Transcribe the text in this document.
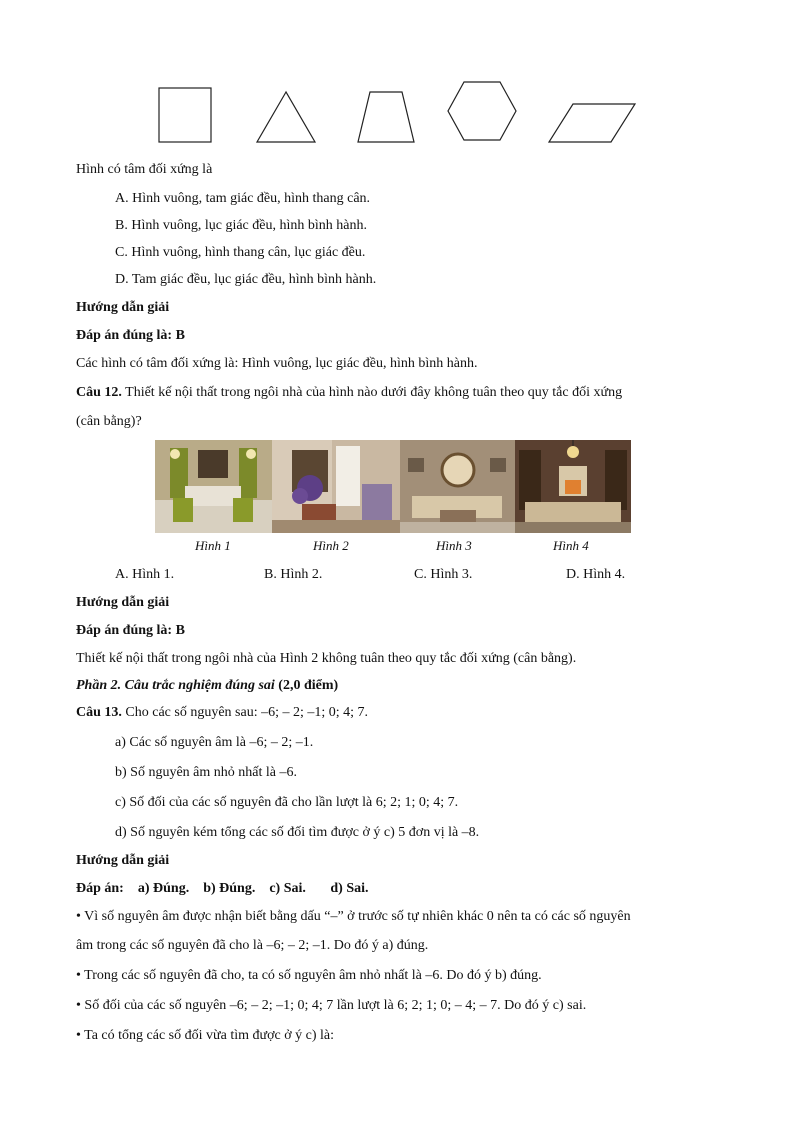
Hình có tâm đối xứng là
A. Hình vuông, tam giác đều, hình thang cân.
B. Hình vuông, lục giác đều, hình bình hành.
C. Hình vuông, hình thang cân, lục giác đều.
D. Tam giác đều, lục giác đều, hình bình hành.
Hướng dẫn giải
Đáp án đúng là: B
Các hình có tâm đối xứng là: Hình vuông, lục giác đều, hình bình hành.
Câu 12. Thiết kế nội thất trong ngôi nhà của hình nào dưới đây không tuân theo quy tắc đối xứng
(cân bằng)?
Hình 1	Hình 2	Hình 3	Hình 4
A. Hình 1.	B. Hình 2.	C. Hình 3.	D. Hình 4.
Hướng dẫn giải
Đáp án đúng là: B
Thiết kế nội thất trong ngôi nhà của Hình 2 không tuân theo quy tắc đối xứng (cân bằng).
Phần 2. Câu trắc nghiệm đúng sai (2,0 điểm)
Câu 13. Cho các số nguyên sau: –6; – 2; –1; 0; 4; 7.
a) Các số nguyên âm là –6; – 2; –1.
b) Số nguyên âm nhỏ nhất là –6.
c) Số đối của các số nguyên đã cho lần lượt là 6; 2; 1; 0; 4; 7.
d) Số nguyên kém tổng các số đối tìm được ở ý c) 5 đơn vị là –8.
Hướng dẫn giải
Đáp án:    a) Đúng.    b) Đúng.    c) Sai.       d) Sai.
• Vì số nguyên âm được nhận biết bằng dấu “–” ở trước số tự nhiên khác 0 nên ta có các số nguyên
âm trong các số nguyên đã cho là –6; – 2; –1. Do đó ý a) đúng.
• Trong các số nguyên đã cho, ta có số nguyên âm nhỏ nhất là –6. Do đó ý b) đúng.
• Số đối của các số nguyên –6; – 2; –1; 0; 4; 7 lần lượt là 6; 2; 1; 0; – 4; – 7. Do đó ý c) sai.
• Ta có tổng các số đối vừa tìm được ở ý c) là:
